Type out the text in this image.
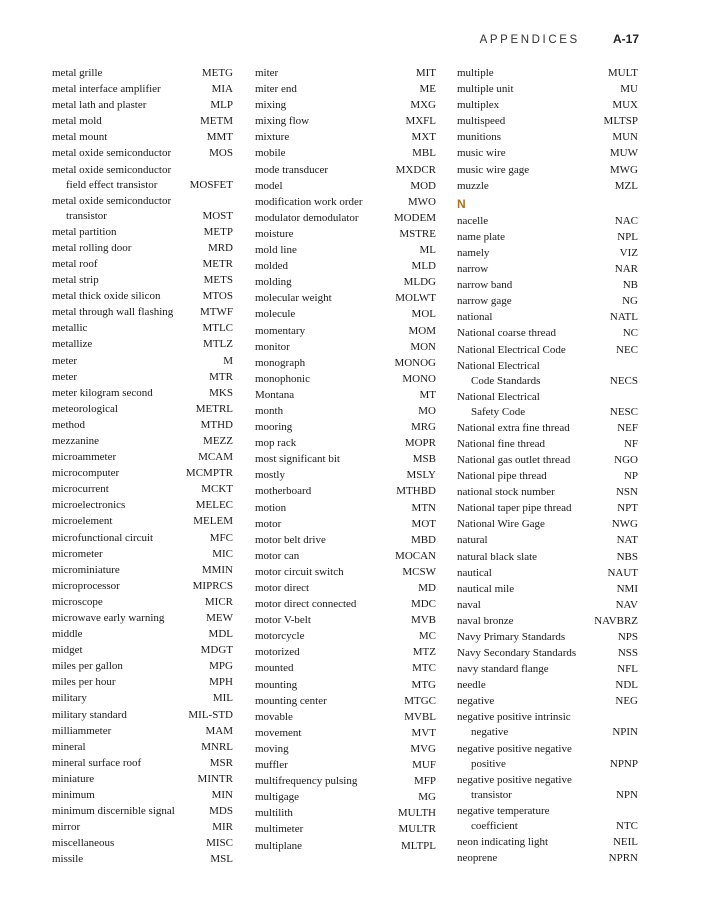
APPENDICES	A-17
metal grille	METG
metal interface amplifier	MIA
metal lath and plaster	MLP
metal mold	METM
metal mount	MMT
metal oxide semiconductor	MOS
metal oxide semiconductor
field effect transistor	MOSFET
metal oxide semiconductor
transistor	MOST
metal partition	METP
metal rolling door	MRD
metal roof	METR
metal strip	METS
metal thick oxide silicon	MTOS
metal through wall flashing	MTWF
metallic	MTLC
metallize	MTLZ
meter	M
meter	MTR
meter kilogram second	MKS
meteorological	METRL
method	MTHD
mezzanine	MEZZ
microammeter	MCAM
microcomputer	MCMPTR
microcurrent	MCKT
microelectronics	MELEC
microelement	MELEM
microfunctional circuit	MFC
micrometer	MIC
microminiature	MMIN
microprocessor	MIPRCS
microscope	MICR
microwave early warning	MEW
middle	MDL
midget	MDGT
miles per gallon	MPG
miles per hour	MPH
military	MIL
military standard	MIL-STD
milliammeter	MAM
mineral	MNRL
mineral surface roof	MSR
miniature	MINTR
minimum	MIN
minimum discernible signal	MDS
mirror	MIR
miscellaneous	MISC
missile	MSL
miter	MIT
miter end	ME
mixing	MXG
mixing flow	MXFL
mixture	MXT
mobile	MBL
mode transducer	MXDCR
model	MOD
modification work order	MWO
modulator demodulator	MODEM
moisture	MSTRE
mold line	ML
molded	MLD
molding	MLDG
molecular weight	MOLWT
molecule	MOL
momentary	MOM
monitor	MON
monograph	MONOG
monophonic	MONO
Montana	MT
month	MO
mooring	MRG
mop rack	MOPR
most significant bit	MSB
mostly	MSLY
motherboard	MTHBD
motion	MTN
motor	MOT
motor belt drive	MBD
motor can	MOCAN
motor circuit switch	MCSW
motor direct	MD
motor direct connected	MDC
motor V-belt	MVB
motorcycle	MC
motorized	MTZ
mounted	MTC
mounting	MTG
mounting center	MTGC
movable	MVBL
movement	MVT
moving	MVG
muffler	MUF
multifrequency pulsing	MFP
multigage	MG
multilith	MULTH
multimeter	MULTR
multiplane	MLTPL
multiple	MULT
multiple unit	MU
multiplex	MUX
multispeed	MLTSP
munitions	MUN
music wire	MUW
music wire gage	MWG
muzzle	MZL
N
nacelle	NAC
name plate	NPL
namely	VIZ
narrow	NAR
narrow band	NB
narrow gage	NG
national	NATL
National coarse thread	NC
National Electrical Code	NEC
National Electrical
Code Standards	NECS
National Electrical
Safety Code	NESC
National extra fine thread	NEF
National fine thread	NF
National gas outlet thread	NGO
National pipe thread	NP
national stock number	NSN
National taper pipe thread	NPT
National Wire Gage	NWG
natural	NAT
natural black slate	NBS
nautical	NAUT
nautical mile	NMI
naval	NAV
naval bronze	NAVBRZ
Navy Primary Standards	NPS
Navy Secondary Standards	NSS
navy standard flange	NFL
needle	NDL
negative	NEG
negative positive intrinsic
negative	NPIN
negative positive negative
positive	NPNP
negative positive negative
transistor	NPN
negative temperature
coefficient	NTC
neon indicating light	NEIL
neoprene	NPRN
